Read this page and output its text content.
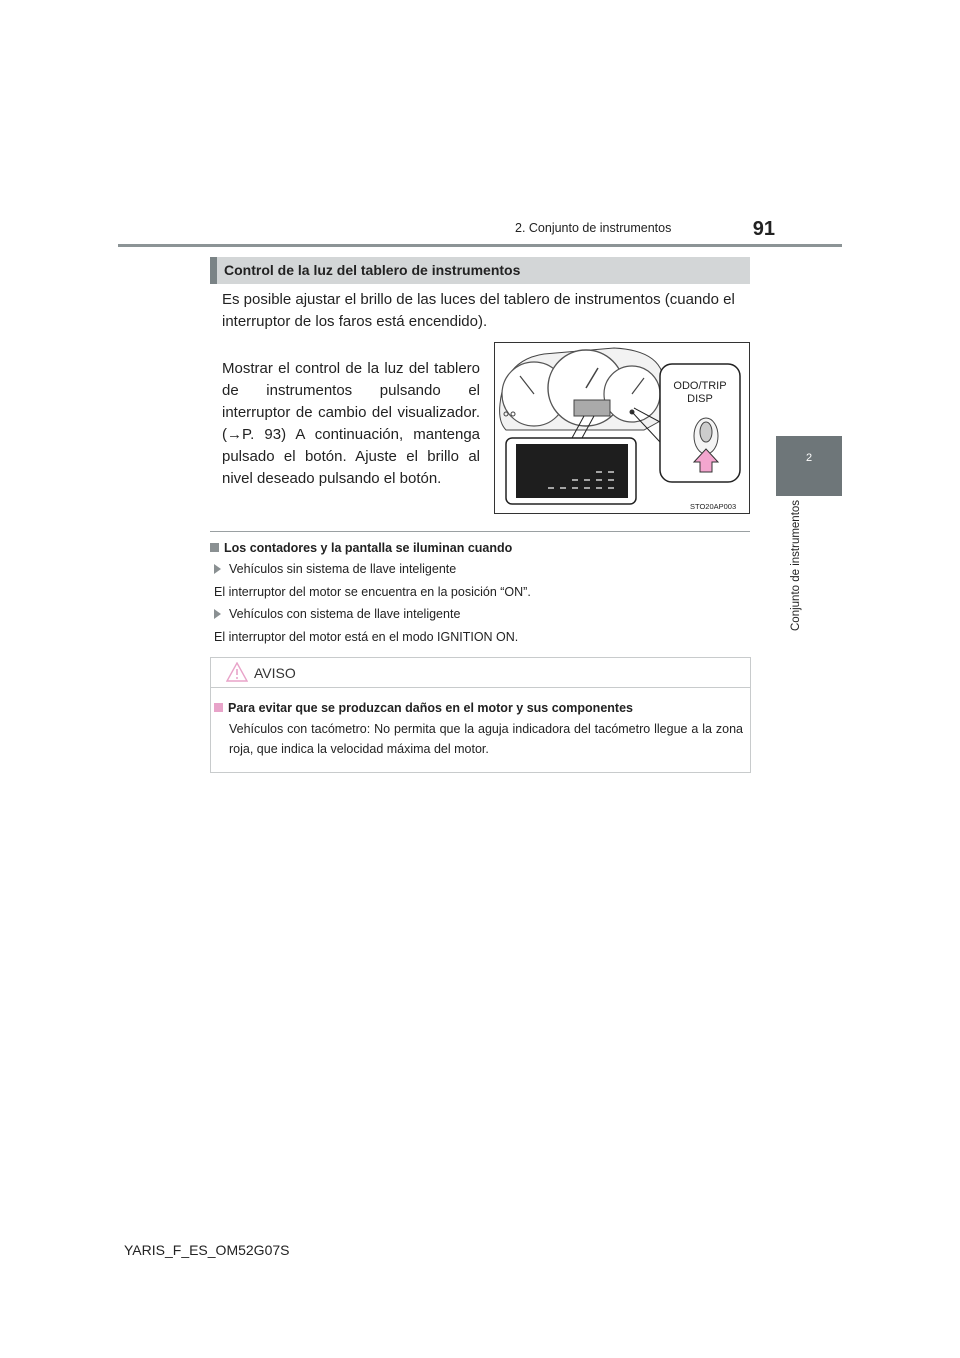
2. Conjunto de instrumentos	91
2
Conjunto de instrumentos
Control de la luz del tablero de instrumentos
Es posible ajustar el brillo de las luces del tablero de instrumentos (cuando el interruptor de los faros está encendido).
Mostrar el control de la luz del tablero de instrumentos pulsando el interruptor de cambio del visualizador. (→P. 93) A continuación, mantenga pulsado el botón. Ajuste el brillo al nivel deseado pulsando el botón.
ODO/TRIP
DISP
STO20AP003
Los contadores y la pantalla se iluminan cuando
Vehículos sin sistema de llave inteligente
El interruptor del motor se encuentra en la posición “ON”.
Vehículos con sistema de llave inteligente
El interruptor del motor está en el modo IGNITION ON.
AVISO
Para evitar que se produzcan daños en el motor y sus componentes
Vehículos con tacómetro: No permita que la aguja indicadora del tacómetro llegue a la zona roja, que indica la velocidad máxima del motor.
YARIS_F_ES_OM52G07S
